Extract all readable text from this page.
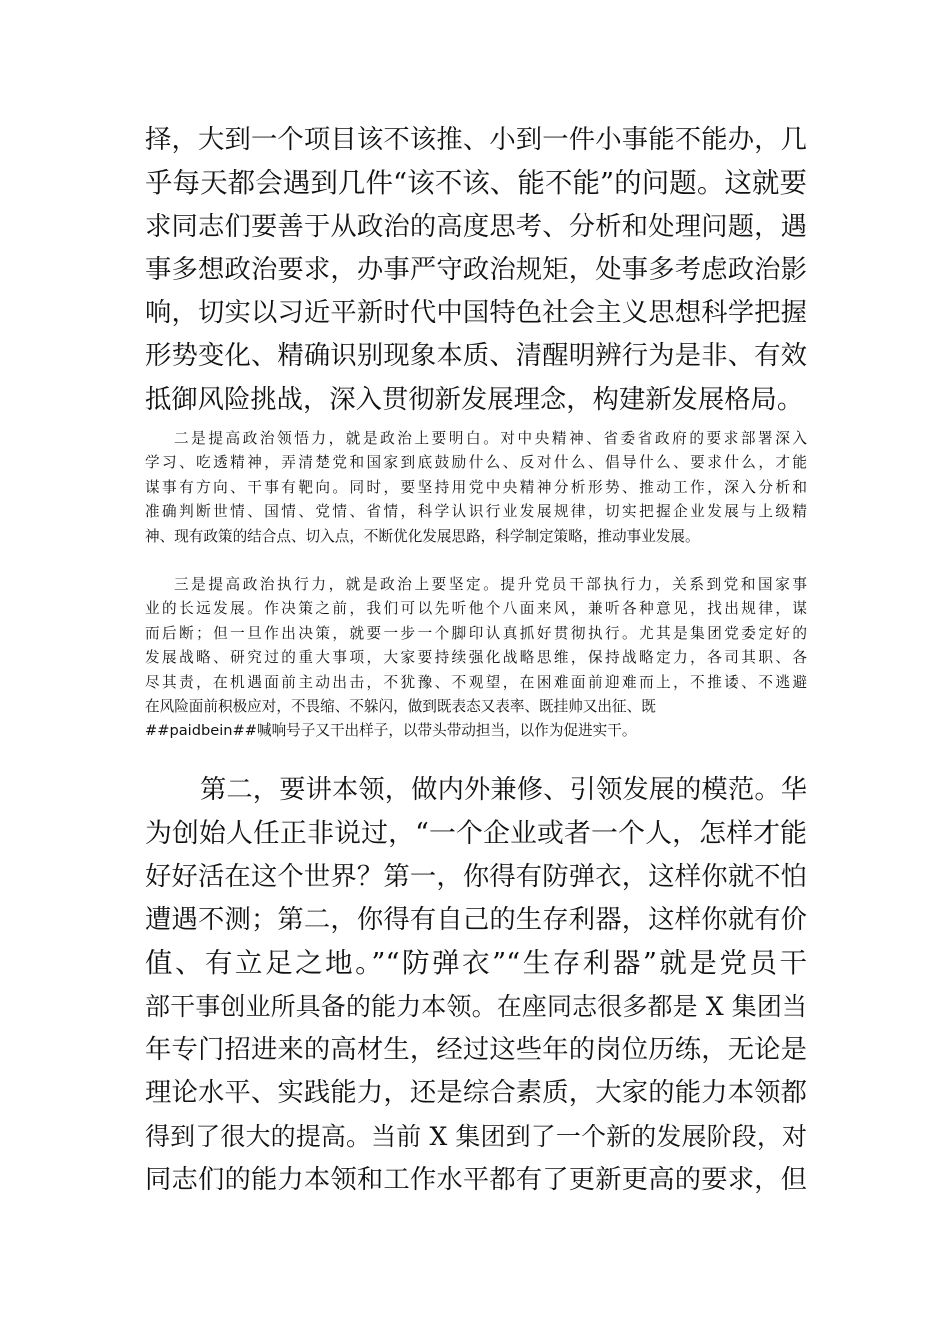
择，大到一个项目该不该推、小到一件小事能不能办，几
乎每天都会遇到几件“该不该、能不能”的问题。这就要
求同志们要善于从政治的高度思考、分析和处理问题，遇
事多想政治要求，办事严守政治规矩，处事多考虑政治影
响，切实以习近平新时代中国特色社会主义思想科学把握
形势变化、精确识别现象本质、清醒明辨行为是非、有效
抵御风险挑战，深入贯彻新发展理念，构建新发展格局。
二是提高政治领悟力，就是政治上要明白。对中央精神、省委省政府的要求部署深入
学习、吃透精神，弄清楚党和国家到底鼓励什么、反对什么、倡导什么、要求什么，才能
谋事有方向、干事有靶向。同时，要坚持用党中央精神分析形势、推动工作，深入分析和
准确判断世情、国情、党情、省情，科学认识行业发展规律，切实把握企业发展与上级精
神、现有政策的结合点、切入点，不断优化发展思路，科学制定策略，推动事业发展。
三是提高政治执行力，就是政治上要坚定。提升党员干部执行力，关系到党和国家事
业的长远发展。作决策之前，我们可以先听他个八面来风，兼听各种意见，找出规律，谋
而后断；但一旦作出决策，就要一步一个脚印认真抓好贯彻执行。尤其是集团党委定好的
发展战略、研究过的重大事项，大家要持续强化战略思维，保持战略定力，各司其职、各
尽其责，在机遇面前主动出击，不犹豫、不观望，在困难面前迎难而上，不推诿、不逃避
在风险面前积极应对，不畏缩、不躲闪，做到既表态又表率、既挂帅又出征、既
##paidbein##喊响号子又干出样子，以带头带动担当，以作为促进实干。
第二，要讲本领，做内外兼修、引领发展的模范。华
为创始人任正非说过，“一个企业或者一个人，怎样才能
好好活在这个世界？第一，你得有防弹衣，这样你就不怕
遭遇不测；第二，你得有自己的生存利器，这样你就有价
值、有立足之地。”“防弹衣”“生存利器”就是党员干
部干事创业所具备的能力本领。在座同志很多都是 X 集团当
年专门招进来的高材生，经过这些年的岗位历练，无论是
理论水平、实践能力，还是综合素质，大家的能力本领都
得到了很大的提高。当前 X 集团到了一个新的发展阶段，对
同志们的能力本领和工作水平都有了更新更高的要求，但
